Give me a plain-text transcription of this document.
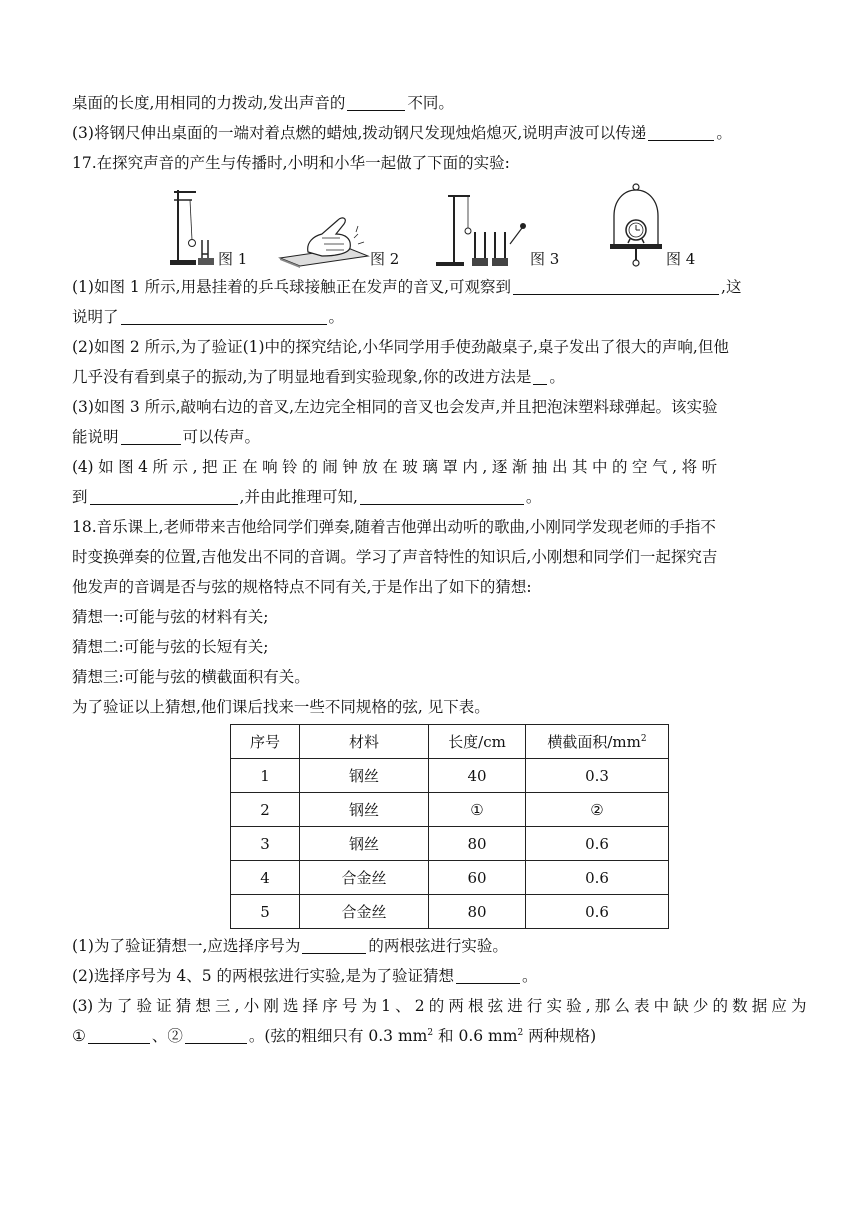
桌面的长度,用相同的力拨动,发出声音的	不同。
(3)将钢尺伸出桌面的一端对着点燃的蜡烛,拨动钢尺发现烛焰熄灭,说明声波可以传递	。
17.在探究声音的产生与传播时,小明和小华一起做了下面的实验:
图 1	图 2	图 3	图 4
(1)如图 1 所示,用悬挂着的乒乓球接触正在发声的音叉,可观察到	,这
说明了	。
(2)如图 2 所示,为了验证(1)中的探究结论,小华同学用手使劲敲桌子,桌子发出了很大的声响,但他
几乎没有看到桌子的振动,为了明显地看到实验现象,你的改进方法是 。
(3)如图 3 所示,敲响右边的音叉,左边完全相同的音叉也会发声,并且把泡沫塑料球弹起。该实验
能说明	可以传声。
(4) 如 图 4 所 示 , 把 正 在 响 铃 的 闹 钟 放 在 玻 璃 罩 内 , 逐 渐 抽 出 其 中 的 空 气 , 将 听
到	,并由此推理可知,	。
18.音乐课上,老师带来吉他给同学们弹奏,随着吉他弹出动听的歌曲,小刚同学发现老师的手指不
时变换弹奏的位置,吉他发出不同的音调。学习了声音特性的知识后,小刚想和同学们一起探究吉
他发声的音调是否与弦的规格特点不同有关,于是作出了如下的猜想:
猜想一:可能与弦的材料有关;
猜想二:可能与弦的长短有关;
猜想三:可能与弦的横截面积有关。
为了验证以上猜想,他们课后找来一些不同规格的弦, 见下表。
序号	材料	长度/cm	横截面积$/mm^2$
1	钢丝	40	0.3
2	钢丝	①	②
3	钢丝	80	0.6
4	合金丝	60	0.6
5	合金丝	80	0.6
(1)为了验证猜想一,应选择序号为	的两根弦进行实验。
(2)选择序号为 4、5 的两根弦进行实验,是为了验证猜想	。
(3) 为 了 验 证 猜 想 三 , 小 刚 选 择 序 号 为 1 、 2 的 两 根 弦 进 行 实 验 , 那 么 表 中 缺 少 的 数 据 应 为
①	、②	。(弦的粗细只有 0.3 $mm^2$ 和 0.6 $mm^2$ 两种规格)
